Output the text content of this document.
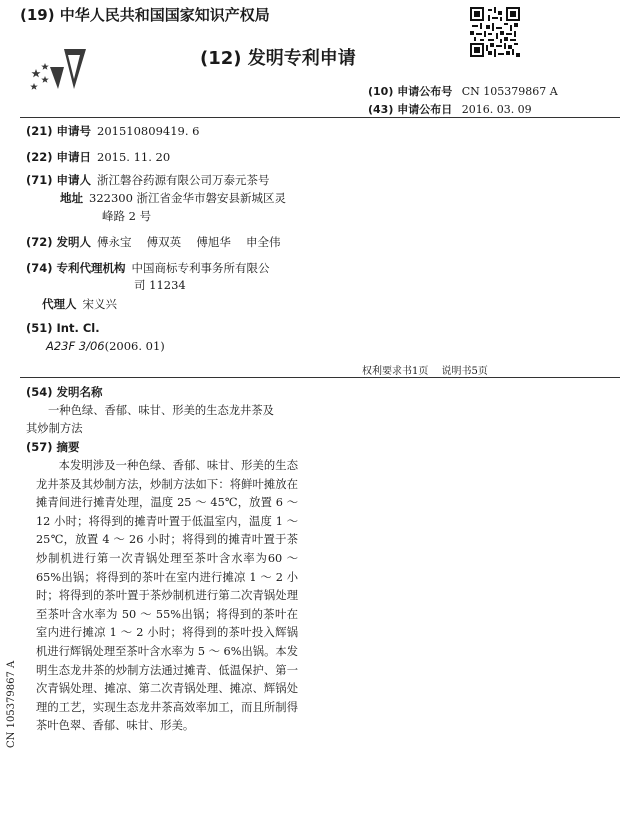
(19) 中华人民共和国国家知识产权局
(12) 发明专利申请
(10) 申请公布号 CN 105379867 A
(43) 申请公布日 2016. 03. 09
(21) 申请号 201510809419. 6
(22) 申请日 2015. 11. 20
(71) 申请人 浙江磐谷药源有限公司万泰元茶号
地址 322300 浙江省金华市磐安县新城区灵
峰路 2 号
(72) 发明人 傅永宝　 傅双英　 傅旭华　 申全伟
(74) 专利代理机构 中国商标专利事务所有限公
司 11234
代理人 宋义兴
(51) Int. Cl.
A23F 3/06(2006. 01)
权利要求书1页　 说明书5页
(54) 发明名称
一种色绿、香郁、味甘、形美的生态龙井茶及
其炒制方法
(57) 摘要
本发明涉及一种色绿、香郁、味甘、形美的生态龙井茶及其炒制方法，炒制方法如下：将鲜叶摊放在摊青间进行摊青处理，温度 25 ～ 45℃，放置 6 ～ 12 小时；将得到的摊青叶置于低温室内，温度 1 ～ 25℃，放置 4 ～ 26 小时；将得到的摊青叶置于茶炒制机进行第一次青锅处理至茶叶含水率为60 ～ 65%出锅；将得到的茶叶在室内进行摊凉 1 ～ 2 小时；将得到的茶叶置于茶炒制机进行第二次青锅处理至茶叶含水率为 50 ～ 55%出锅；将得到的茶叶在室内进行摊凉 1 ～ 2 小时；将得到的茶叶投入辉锅机进行辉锅处理至茶叶含水率为 5 ～ 6%出锅。本发明生态龙井茶的炒制方法通过摊青、低温保护、第一次青锅处理、摊凉、第二次青锅处理、摊凉、辉锅处理的工艺，实现生态龙井茶高效率加工，而且所制得茶叶色翠、香郁、味甘、形美。
CN 105379867 A
